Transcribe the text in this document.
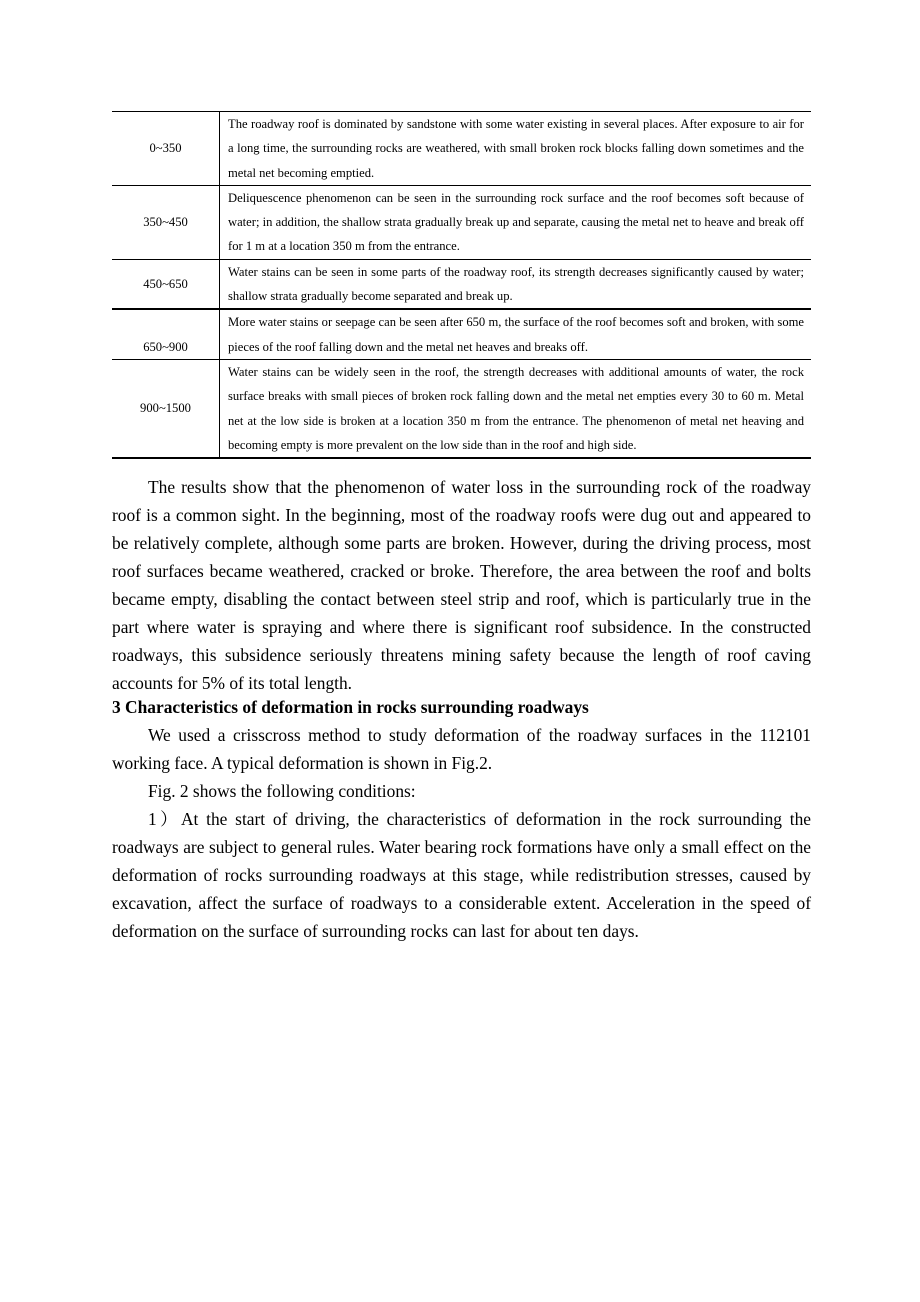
0~350	The roadway roof is dominated by sandstone with some water existing in several places. After exposure to air for a long time, the surrounding rocks are weathered, with small broken rock blocks falling down sometimes and the metal net becoming emptied.
350~450	Deliquescence phenomenon can be seen in the surrounding rock surface and the roof becomes soft because of water; in addition, the shallow strata gradually break up and separate, causing the metal net to heave and break off for 1 m at a location 350 m from the entrance.
450~650	Water stains can be seen in some parts of the roadway roof, its strength decreases significantly caused by water; shallow strata gradually become separated and break up.
650~900	More water stains or seepage can be seen after 650 m, the surface of the roof becomes soft and broken, with some pieces of the roof falling down and the metal net heaves and breaks off.
900~1500	Water stains can be widely seen in the roof, the strength decreases with additional amounts of water, the rock surface breaks with small pieces of broken rock falling down and the metal net empties every 30 to 60 m. Metal net at the low side is broken at a location 350 m from the entrance. The phenomenon of metal net heaving and becoming empty is more prevalent on the low side than in the roof and high side.

The results show that the phenomenon of water loss in the surrounding rock of the roadway roof is a common sight. In the beginning, most of the roadway roofs were dug out and appeared to be relatively complete, although some parts are broken. However, during the driving process, most roof surfaces became weathered, cracked or broke. Therefore, the area between the roof and bolts became empty, disabling the contact between steel strip and roof, which is particularly true in the part where water is spraying and where there is significant roof subsidence. In the constructed roadways, this subsidence seriously threatens mining safety because the length of roof caving accounts for 5% of its total length.

3 Characteristics of deformation in rocks surrounding roadways

We used a crisscross method to study deformation of the roadway surfaces in the 112101 working face. A typical deformation is shown in Fig.2.

Fig. 2 shows the following conditions:

1）At the start of driving, the characteristics of deformation in the rock surrounding the roadways are subject to general rules. Water bearing rock formations have only a small effect on the deformation of rocks surrounding roadways at this stage, while redistribution stresses, caused by excavation, affect the surface of roadways to a considerable extent. Acceleration in the speed of deformation on the surface of surrounding rocks can last for about ten days.
